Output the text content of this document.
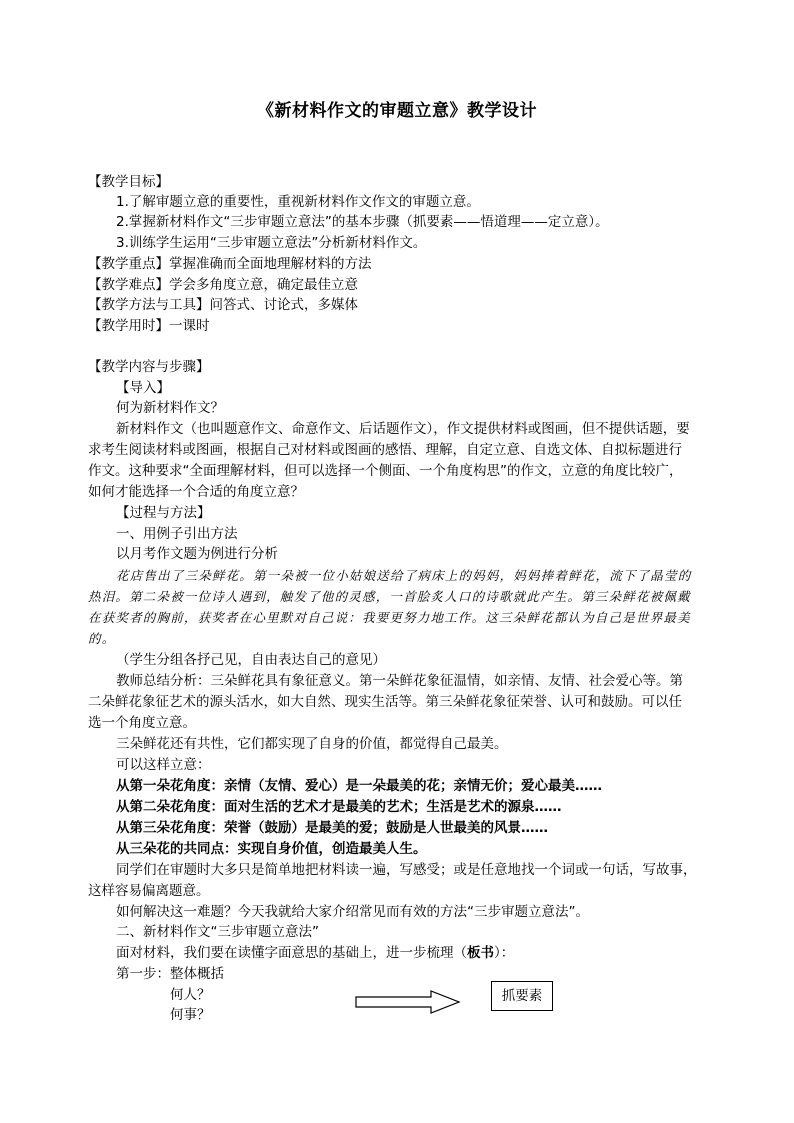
《新材料作文的审题立意》教学设计
【教学目标】
1.了解审题立意的重要性，重视新材料作文作文的审题立意。
2.掌握新材料作文“三步审题立意法”的基本步骤（抓要素——悟道理——定立意）。
3.训练学生运用“三步审题立意法”分析新材料作文。
【教学重点】掌握准确而全面地理解材料的方法
【教学难点】学会多角度立意，确定最佳立意
【教学方法与工具】问答式、讨论式，多媒体
【教学用时】一课时
【教学内容与步骤】
【导入】
何为新材料作文？
新材料作文（也叫题意作文、命意作文、后话题作文），作文提供材料或图画，但不提供话题，要
求考生阅读材料或图画，根据自己对材料或图画的感悟、理解，自定立意、自选文体、自拟标题进行
作文。这种要求“全面理解材料，但可以选择一个侧面、一个角度构思”的作文，立意的角度比较广，
如何才能选择一个合适的角度立意？
【过程与方法】
一、用例子引出方法
以月考作文题为例进行分析
花店售出了三朵鲜花。第一朵被一位小姑娘送给了病床上的妈妈，妈妈捧着鲜花，流下了晶莹的
热泪。第二朵被一位诗人遇到，触发了他的灵感，一首脍炙人口的诗歌就此产生。第三朵鲜花被佩戴
在获奖者的胸前，获奖者在心里默对自己说：我要更努力地工作。这三朵鲜花都认为自己是世界最美
的。
（学生分组各抒己见，自由表达自己的意见）
教师总结分析：三朵鲜花具有象征意义。第一朵鲜花象征温情，如亲情、友情、社会爱心等。第
二朵鲜花象征艺术的源头活水，如大自然、现实生活等。第三朵鲜花象征荣誉、认可和鼓励。可以任
选一个角度立意。
三朵鲜花还有共性，它们都实现了自身的价值，都觉得自己最美。
可以这样立意：
从第一朵花角度：亲情（友情、爱心）是一朵最美的花；亲情无价；爱心最美……
从第二朵花角度：面对生活的艺术才是最美的艺术；生活是艺术的源泉……
从第三朵花角度：荣誉（鼓励）是最美的爱；鼓励是人世最美的风景……
从三朵花的共同点：实现自身价值，创造最美人生。
同学们在审题时大多只是简单地把材料读一遍，写感受；或是任意地找一个词或一句话，写故事，
这样容易偏离题意。
如何解决这一难题？今天我就给大家介绍常见而有效的方法“三步审题立意法”。
二、新材料作文“三步审题立意法”
面对材料，我们要在读懂字面意思的基础上，进一步梳理（板书）：
第一步：整体概括
何人？
何事？
抓要素
